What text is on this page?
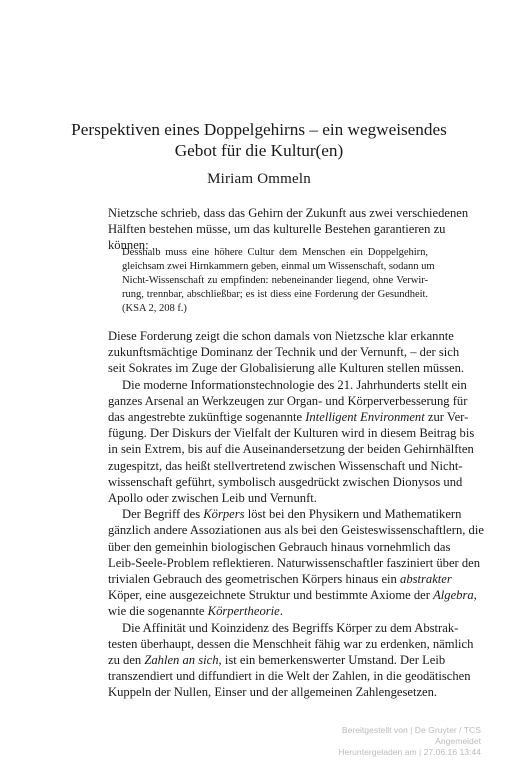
Perspektiven eines Doppelgehirns – ein wegweisendes
Gebot für die Kultur(en)

Miriam Ommeln

Nietzsche schrieb, dass das Gehirn der Zukunft aus zwei verschiedenen
Hälften bestehen müsse, um das kulturelle Bestehen garantieren zu
können:
Desshalb muss eine höhere Cultur dem Menschen ein Doppelgehirn,
gleichsam zwei Hirnkammern geben, einmal um Wissenschaft, sodann um
Nicht-Wissenschaft zu empfinden: nebeneinander liegend, ohne Verwir-
rung, trennbar, abschließbar; es ist diess eine Forderung der Gesundheit.
(KSA 2, 208 f.)
Diese Forderung zeigt die schon damals von Nietzsche klar erkannte
zukunftsmächtige Dominanz der Technik und der Vernunft, – der sich
seit Sokrates im Zuge der Globalisierung alle Kulturen stellen müssen.
Die moderne Informationstechnologie des 21. Jahrhunderts stellt ein
ganzes Arsenal an Werkzeugen zur Organ- und Körperverbesserung für
das angestrebte zukünftige sogenannte Intelligent Environment zur Ver-
fügung. Der Diskurs der Vielfalt der Kulturen wird in diesem Beitrag bis
in sein Extrem, bis auf die Auseinandersetzung der beiden Gehirnhälften
zugespitzt, das heißt stellvertretend zwischen Wissenschaft und Nicht-
wissenschaft geführt, symbolisch ausgedrückt zwischen Dionysos und
Apollo oder zwischen Leib und Vernunft.
Der Begriff des Körpers löst bei den Physikern und Mathematikern
gänzlich andere Assoziationen aus als bei den Geisteswissenschaftlern, die
über den gemeinhin biologischen Gebrauch hinaus vornehmlich das
Leib-Seele-Problem reflektieren. Naturwissenschaftler fasziniert über den
trivialen Gebrauch des geometrischen Körpers hinaus ein abstrakter
Köper, eine ausgezeichnete Struktur und bestimmte Axiome der Algebra,
wie die sogenannte Körpertheorie.
Die Affinität und Koinzidenz des Begriffs Körper zu dem Abstrak-
testen überhaupt, dessen die Menschheit fähig war zu erdenken, nämlich
zu den Zahlen an sich, ist ein bemerkenswerter Umstand. Der Leib
transzendiert und diffundiert in die Welt der Zahlen, in die geodätischen
Kuppeln der Nullen, Einser und der allgemeinen Zahlengesetzen.
Bereitgestellt von | De Gruyter / TCS
Angemeldet
Heruntergeladen am | 27.06.16 13:44
